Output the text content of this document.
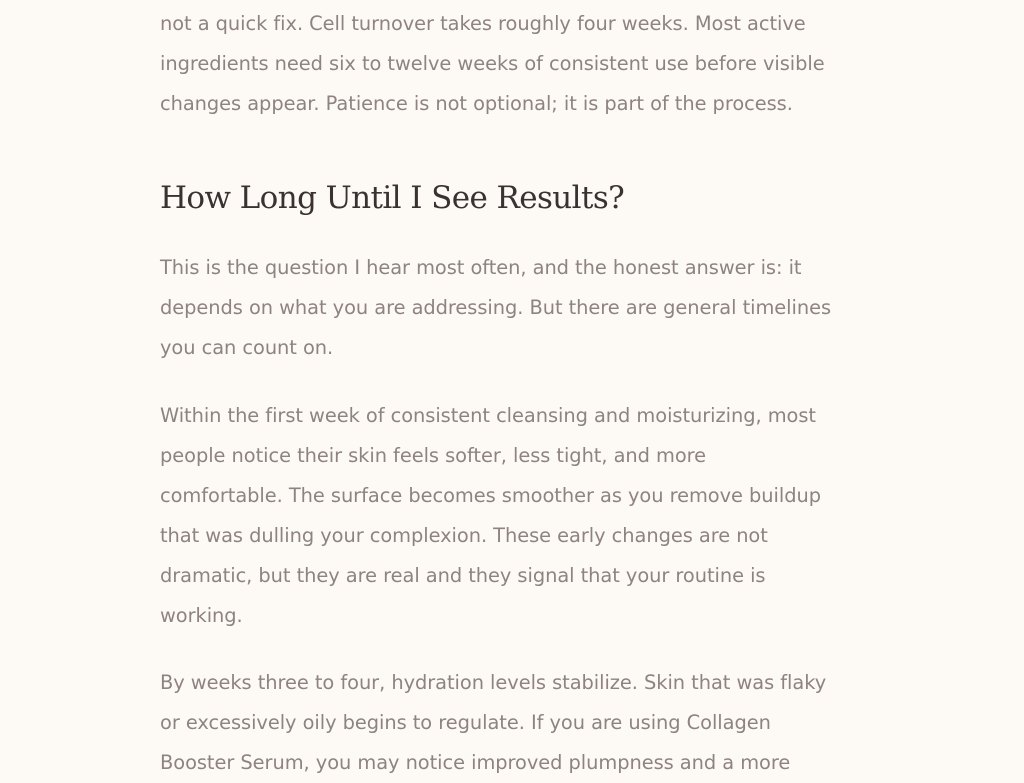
not a quick fix. Cell turnover takes roughly four weeks. Most active
ingredients need six to twelve weeks of consistent use before visible
changes appear. Patience is not optional; it is part of the process.

How Long Until I See Results?

This is the question I hear most often, and the honest answer is: it
depends on what you are addressing. But there are general timelines
you can count on.

Within the first week of consistent cleansing and moisturizing, most
people notice their skin feels softer, less tight, and more
comfortable. The surface becomes smoother as you remove buildup
that was dulling your complexion. These early changes are not
dramatic, but they are real and they signal that your routine is
working.

By weeks three to four, hydration levels stabilize. Skin that was flaky
or excessively oily begins to regulate. If you are using Collagen
Booster Serum, you may notice improved plumpness and a more
